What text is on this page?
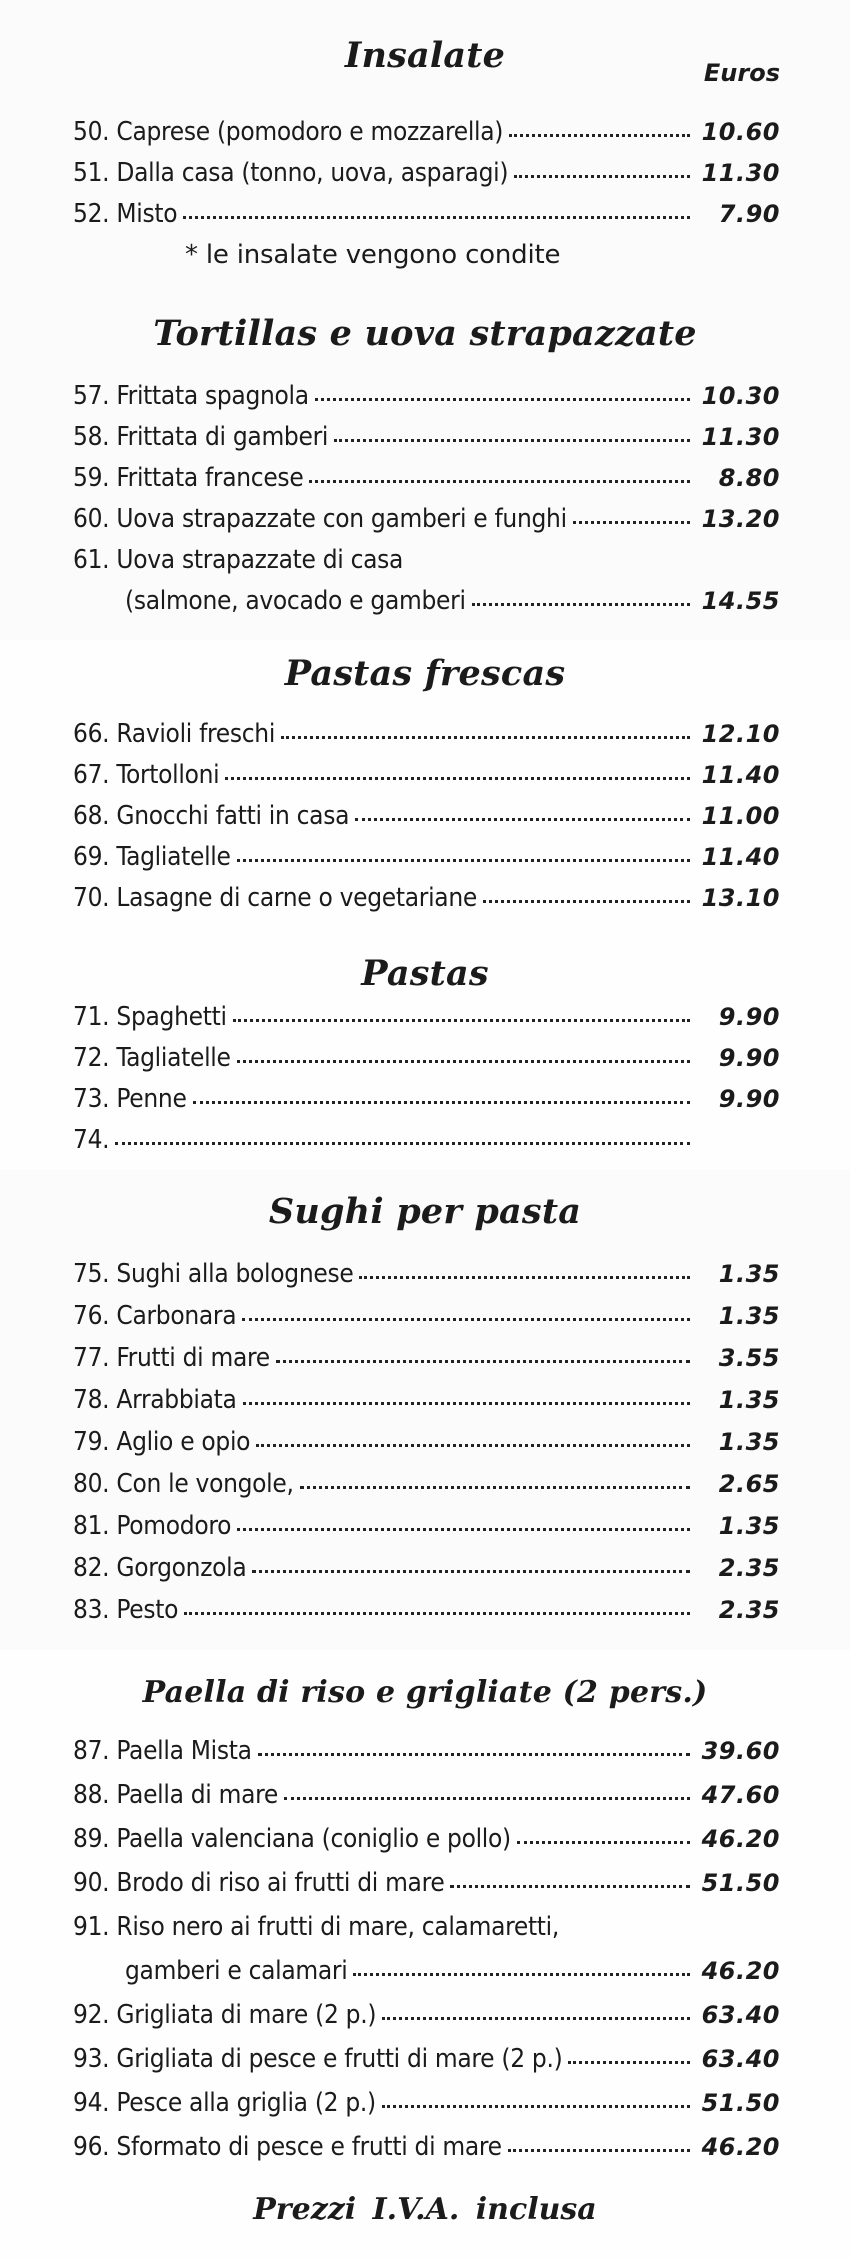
Insalate	Euros
50. Caprese (pomodoro e mozzarella)	10.60
51. Dalla casa (tonno, uova, asparagi)	11.30
52. Misto	7.90
* le insalate vengono condite
Tortillas e uova strapazzate
57. Frittata spagnola	10.30
58. Frittata di gamberi	11.30
59. Frittata francese	8.80
60. Uova strapazzate con gamberi e funghi	13.20
61. Uova strapazzate di casa
(salmone, avocado e gamberi	14.55
Pastas frescas
66. Ravioli freschi	12.10
67. Tortolloni	11.40
68. Gnocchi fatti in casa	11.00
69. Tagliatelle	11.40
70. Lasagne di carne o vegetariane	13.10
Pastas
71. Spaghetti	9.90
72. Tagliatelle	9.90
73. Penne	9.90
74.
Sughi per pasta
75. Sughi alla bolognese	1.35
76. Carbonara	1.35
77. Frutti di mare	3.55
78. Arrabbiata	1.35
79. Aglio e opio	1.35
80. Con le vongole,	2.65
81. Pomodoro	1.35
82. Gorgonzola	2.35
83. Pesto	2.35
Paella di riso e grigliate (2 pers.)
87. Paella Mista	39.60
88. Paella di mare	47.60
89. Paella valenciana (coniglio e pollo)	46.20
90. Brodo di riso ai frutti di mare	51.50
91. Riso nero ai frutti di mare, calamaretti,
gamberi e calamari	46.20
92. Grigliata di mare (2 p.)	63.40
93. Grigliata di pesce e frutti di mare (2 p.)	63.40
94. Pesce alla griglia (2 p.)	51.50
96. Sformato di pesce e frutti di mare	46.20
Prezzi I.V.A. inclusa
